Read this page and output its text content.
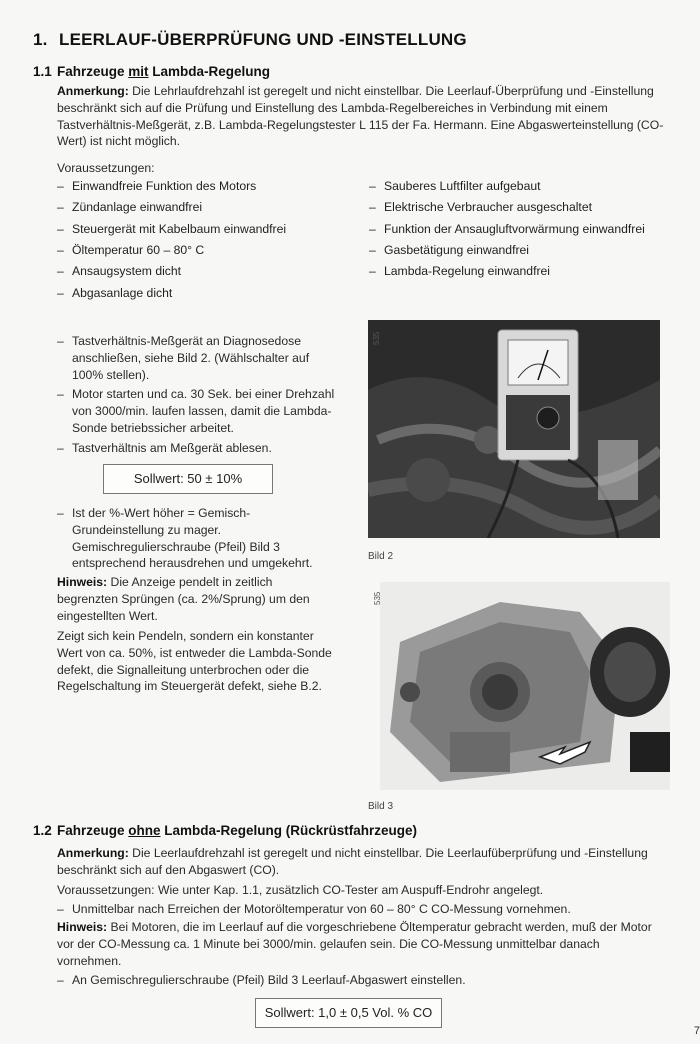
1. LEERLAUF-ÜBERPRÜFUNG UND -EINSTELLUNG
1.1 Fahrzeuge mit Lambda-Regelung
Anmerkung: Die Lehrlaufdrehzahl ist geregelt und nicht einstellbar. Die Leerlauf-Überprüfung und -Einstellung beschränkt sich auf die Prüfung und Einstellung des Lambda-Regelbereiches in Verbindung mit einem Tastverhältnis-Meßgerät, z.B. Lambda-Regelungstester L 115 der Fa. Hermann. Eine Abgaswerteinstellung (CO-Wert) ist nicht möglich.
Voraussetzungen:
– Einwandfreie Funktion des Motors
– Zündanlage einwandfrei
– Steuergerät mit Kabelbaum einwandfrei
– Öltemperatur 60 – 80° C
– Ansaugsystem dicht
– Abgasanlage dicht
– Sauberes Luftfilter aufgebaut
– Elektrische Verbraucher ausgeschaltet
– Funktion der Ansaugluftvorwärmung einwandfrei
– Gasbetätigung einwandfrei
– Lambda-Regelung einwandfrei
– Tastverhältnis-Meßgerät an Diagnosedose anschließen, siehe Bild 2. (Wählschalter auf 100% stellen).
– Motor starten und ca. 30 Sek. bei einer Drehzahl von 3000/min. laufen lassen, damit die Lambda-Sonde betriebssicher arbeitet.
– Tastverhältnis am Meßgerät ablesen.
Sollwert: 50 ± 10%
– Ist der %-Wert höher = Gemisch-Grundeinstellung zu mager. Gemischregulierschraube (Pfeil) Bild 3 entsprechend herausdrehen und umgekehrt.
Hinweis: Die Anzeige pendelt in zeitlich begrenzten Sprüngen (ca. 2%/Sprung) um den eingestellten Wert.
Zeigt sich kein Pendeln, sondern ein konstanter Wert von ca. 50%, ist entweder die Lambda-Sonde defekt, die Signalleitung unterbrochen oder die Regelschaltung im Steuergerät defekt, siehe B.2.
Bild 2
535
Bild 3
535
1.2 Fahrzeuge ohne Lambda-Regelung (Rückrüstfahrzeuge)
Anmerkung: Die Leerlaufdrehzahl ist geregelt und nicht einstellbar. Die Leerlaufüberprüfung und -Einstellung beschränkt sich auf den Abgaswert (CO).
Voraussetzungen: Wie unter Kap. 1.1, zusätzlich CO-Tester am Auspuff-Endrohr angelegt.
– Unmittelbar nach Erreichen der Motoröltemperatur von 60 – 80° C CO-Messung vornehmen.
Hinweis: Bei Motoren, die im Leerlauf auf die vorgeschriebene Öltemperatur gebracht werden, muß der Motor vor der CO-Messung ca. 1 Minute bei 3000/min. gelaufen sein. Die CO-Messung unmittelbar danach vornehmen.
– An Gemischregulierschraube (Pfeil) Bild 3 Leerlauf-Abgaswert einstellen.
Sollwert: 1,0 ± 0,5 Vol. % CO
7
